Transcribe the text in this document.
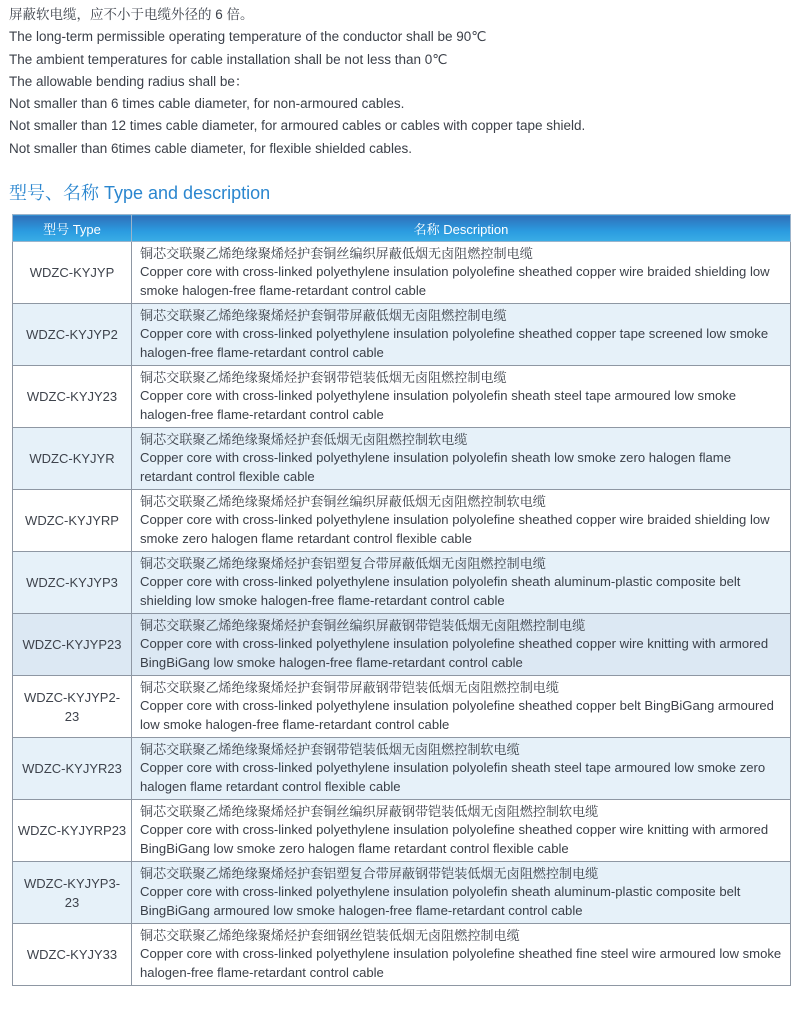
屏蔽软电缆，应不小于电缆外径的 6 倍。
The long-term permissible operating temperature of the conductor shall be 90℃
The ambient temperatures for cable installation shall be not less than 0℃
The allowable bending radius shall be：
Not smaller than 6 times cable diameter, for non-armoured cables.
Not smaller than 12 times cable diameter, for armoured cables or cables with copper tape shield.
Not smaller than 6times cable diameter, for flexible shielded cables.
型号、名称 Type and description
型号 Type	名称 Description
WDZC-KYJYP	铜芯交联聚乙烯绝缘聚烯烃护套铜丝编织屏蔽低烟无卤阻燃控制电缆
Copper core with cross-linked polyethylene insulation polyolefine sheathed copper wire braided shielding low smoke halogen-free flame-retardant control cable

WDZC-KYJYP2	铜芯交联聚乙烯绝缘聚烯烃护套铜带屏蔽低烟无卤阻燃控制电缆
Copper core with cross-linked polyethylene insulation polyolefine sheathed copper tape screened low smoke halogen-free flame-retardant control cable

WDZC-KYJY23	铜芯交联聚乙烯绝缘聚烯烃护套钢带铠装低烟无卤阻燃控制电缆
Copper core with cross-linked polyethylene insulation polyolefin sheath steel tape armoured low smoke halogen-free flame-retardant control cable

WDZC-KYJYR	铜芯交联聚乙烯绝缘聚烯烃护套低烟无卤阻燃控制软电缆
Copper core with cross-linked polyethylene insulation polyolefin sheath low smoke zero halogen flame retardant control flexible cable

WDZC-KYJYRP	铜芯交联聚乙烯绝缘聚烯烃护套铜丝编织屏蔽低烟无卤阻燃控制软电缆
Copper core with cross-linked polyethylene insulation polyolefine sheathed copper wire braided shielding low smoke zero halogen flame retardant control flexible cable

WDZC-KYJYP3	铜芯交联聚乙烯绝缘聚烯烃护套铝塑复合带屏蔽低烟无卤阻燃控制电缆
Copper core with cross-linked polyethylene insulation polyolefin sheath aluminum-plastic composite belt shielding low smoke halogen-free flame-retardant control cable

WDZC-KYJYP23	铜芯交联聚乙烯绝缘聚烯烃护套铜丝编织屏蔽钢带铠装低烟无卤阻燃控制电缆
Copper core with cross-linked polyethylene insulation polyolefine sheathed copper wire knitting with armored BingBiGang low smoke halogen-free flame-retardant control cable

WDZC-KYJYP2-23	铜芯交联聚乙烯绝缘聚烯烃护套铜带屏蔽钢带铠装低烟无卤阻燃控制电缆
Copper core with cross-linked polyethylene insulation polyolefine sheathed copper belt BingBiGang armoured low smoke halogen-free flame-retardant control cable

WDZC-KYJYR23	铜芯交联聚乙烯绝缘聚烯烃护套钢带铠装低烟无卤阻燃控制软电缆
Copper core with cross-linked polyethylene insulation polyolefin sheath steel tape armoured low smoke zero halogen flame retardant control flexible cable

WDZC-KYJYRP23	铜芯交联聚乙烯绝缘聚烯烃护套铜丝编织屏蔽钢带铠装低烟无卤阻燃控制软电缆
Copper core with cross-linked polyethylene insulation polyolefine sheathed copper wire knitting with armored BingBiGang low smoke zero halogen flame retardant control flexible cable

WDZC-KYJYP3-23	铜芯交联聚乙烯绝缘聚烯烃护套铝塑复合带屏蔽钢带铠装低烟无卤阻燃控制电缆
Copper core with cross-linked polyethylene insulation polyolefin sheath aluminum-plastic composite belt BingBiGang armoured low smoke halogen-free flame-retardant control cable

WDZC-KYJY33	铜芯交联聚乙烯绝缘聚烯烃护套细钢丝铠装低烟无卤阻燃控制电缆
Copper core with cross-linked polyethylene insulation polyolefine sheathed fine steel wire armoured low smoke halogen-free flame-retardant control cable
